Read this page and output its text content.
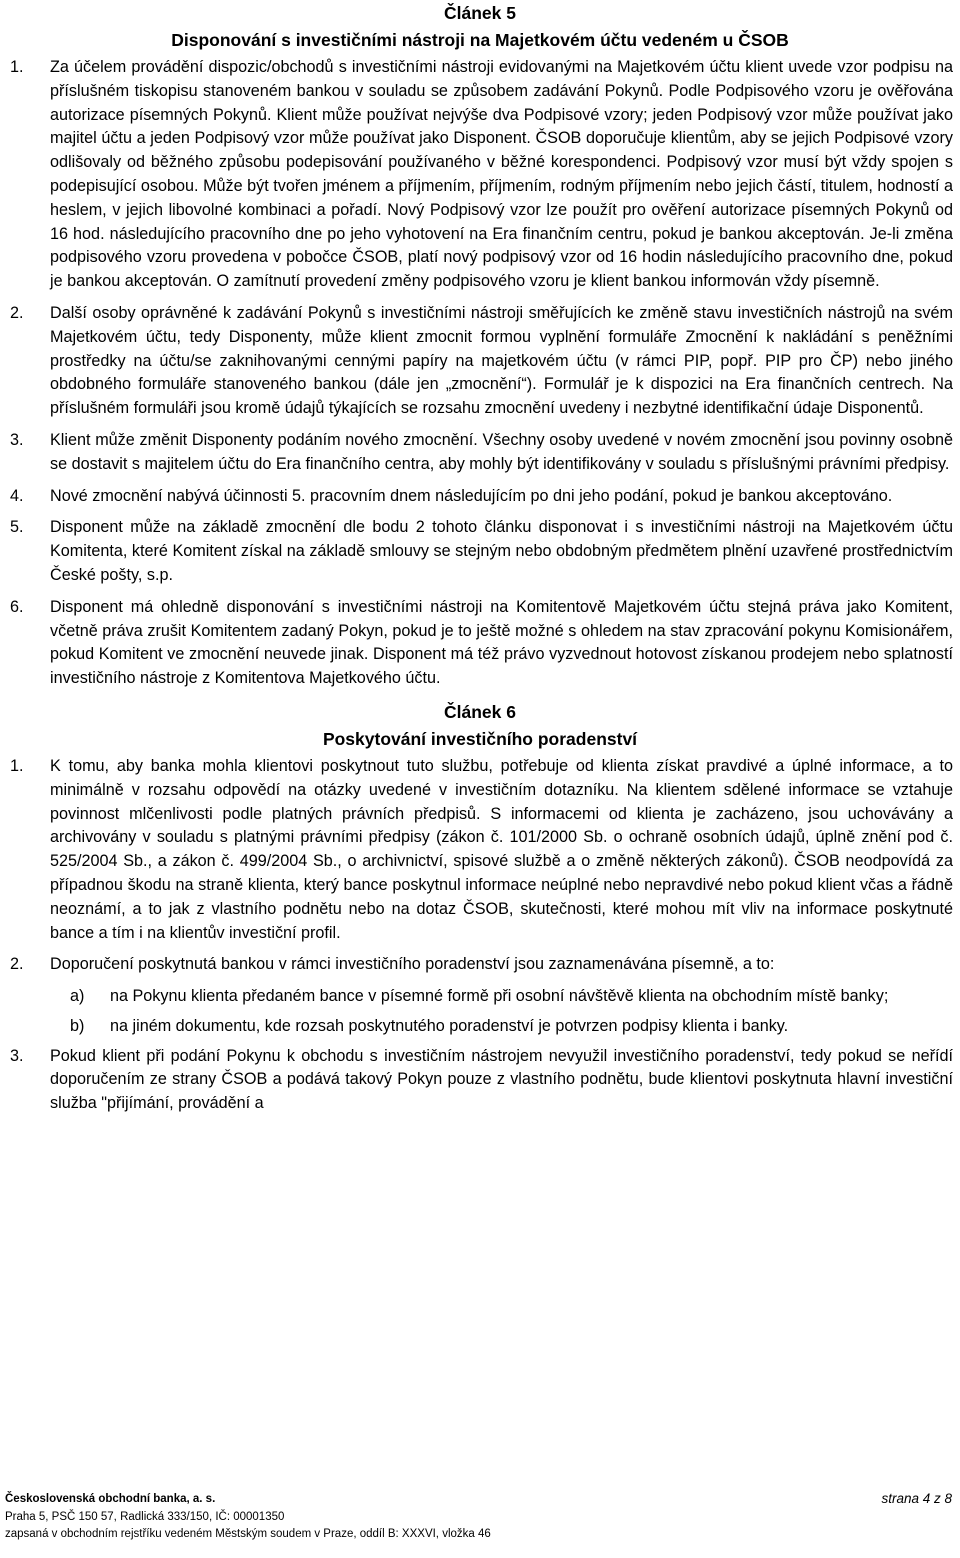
Článek 5

Disponování s investičními nástroji na Majetkovém účtu vedeném u ČSOB

1. Za účelem provádění dispozic/obchodů s investičními nástroji evidovanými na Majetkovém účtu klient uvede vzor podpisu na příslušném tiskopisu stanoveném bankou v souladu se způsobem zadávání Pokynů. Podle Podpisového vzoru je ověřována autorizace písemných Pokynů. Klient může používat nejvýše dva Podpisové vzory; jeden Podpisový vzor může používat jako majitel účtu a jeden Podpisový vzor může používat jako Disponent. ČSOB doporučuje klientům, aby se jejich Podpisové vzory odlišovaly od běžného způsobu podepisování používaného v běžné korespondenci. Podpisový vzor musí být vždy spojen s podepisující osobou. Může být tvořen jménem a příjmením, příjmením, rodným příjmením nebo jejich částí, titulem, hodností a heslem, v jejich libovolné kombinaci a pořadí. Nový Podpisový vzor lze použít pro ověření autorizace písemných Pokynů od 16 hod. následujícího pracovního dne po jeho vyhotovení na Era finančním centru, pokud je bankou akceptován. Je-li změna podpisového vzoru provedena v pobočce ČSOB, platí nový podpisový vzor od 16 hodin následujícího pracovního dne, pokud je bankou akceptován. O zamítnutí provedení změny podpisového vzoru je klient bankou informován vždy písemně.
2. Další osoby oprávněné k zadávání Pokynů s investičními nástroji směřujících ke změně stavu investičních nástrojů na svém Majetkovém účtu, tedy Disponenty, může klient zmocnit formou vyplnění formuláře Zmocnění k nakládání s peněžními prostředky na účtu/se zaknihovanými cennými papíry na majetkovém účtu (v rámci PIP, popř. PIP pro ČP) nebo jiného obdobného formuláře stanoveného bankou (dále jen „zmocnění“). Formulář je k dispozici na Era finančních centrech. Na příslušném formuláři jsou kromě údajů týkajících se rozsahu zmocnění uvedeny i nezbytné identifikační údaje Disponentů.
3. Klient může změnit Disponenty podáním nového zmocnění. Všechny osoby uvedené v novém zmocnění jsou povinny osobně se dostavit s majitelem účtu do Era finančního centra, aby mohly být identifikovány v souladu s příslušnými právními předpisy.
4. Nové zmocnění nabývá účinnosti 5. pracovním dnem následujícím po dni jeho podání, pokud je bankou akceptováno.
5. Disponent může na základě zmocnění dle bodu 2 tohoto článku disponovat i s investičními nástroji na Majetkovém účtu Komitenta, které Komitent získal na základě smlouvy se stejným nebo obdobným předmětem plnění uzavřené prostřednictvím České pošty, s.p.
6. Disponent má ohledně disponování s investičními nástroji na Komitentově Majetkovém účtu stejná práva jako Komitent, včetně práva zrušit Komitentem zadaný Pokyn, pokud je to ještě možné s ohledem na stav zpracování pokynu Komisionářem, pokud Komitent ve zmocnění neuvede jinak. Disponent má též právo vyzvednout hotovost získanou prodejem nebo splatností investičního nástroje z Komitentova Majetkového účtu.

Článek 6

Poskytování investičního poradenství

1. K tomu, aby banka mohla klientovi poskytnout tuto službu, potřebuje od klienta získat pravdivé a úplné informace, a to minimálně v rozsahu odpovědí na otázky uvedené v investičním dotazníku. Na klientem sdělené informace se vztahuje povinnost mlčenlivosti podle platných právních předpisů. S informacemi od klienta je zacházeno, jsou uchovávány a archivovány v souladu s platnými právními předpisy (zákon č. 101/2000 Sb. o ochraně osobních údajů, úplně znění pod č. 525/2004 Sb., a zákon č. 499/2004 Sb., o archivnictví, spisové službě a o změně některých zákonů). ČSOB neodpovídá za případnou škodu na straně klienta, který bance poskytnul informace neúplné nebo nepravdivé nebo pokud klient včas a řádně neoznámí, a to jak z vlastního podnětu nebo na dotaz ČSOB, skutečnosti, které mohou mít vliv na informace poskytnuté bance a tím i na klientův investiční profil.
2. Doporučení poskytnutá bankou v rámci investičního poradenství jsou zaznamenávána písemně, a to:
a) na Pokynu klienta předaném bance v písemné formě při osobní návštěvě klienta na obchodním místě banky;
b) na jiném dokumentu, kde rozsah poskytnutého poradenství je potvrzen podpisy klienta i banky.
3. Pokud klient při podání Pokynu k obchodu s investičním nástrojem nevyužil investičního poradenství, tedy pokud se neřídí doporučením ze strany ČSOB a podává takový Pokyn pouze z vlastního podnětu, bude klientovi poskytnuta hlavní investiční služba "přijímání, provádění a
Československá obchodní banka, a. s.
Praha 5, PSČ 150 57, Radlická 333/150, IČ: 00001350
zapsaná v obchodním rejstříku vedeném Městským soudem v Praze, oddíl B: XXXVI, vložka 46
strana 4 z 8
